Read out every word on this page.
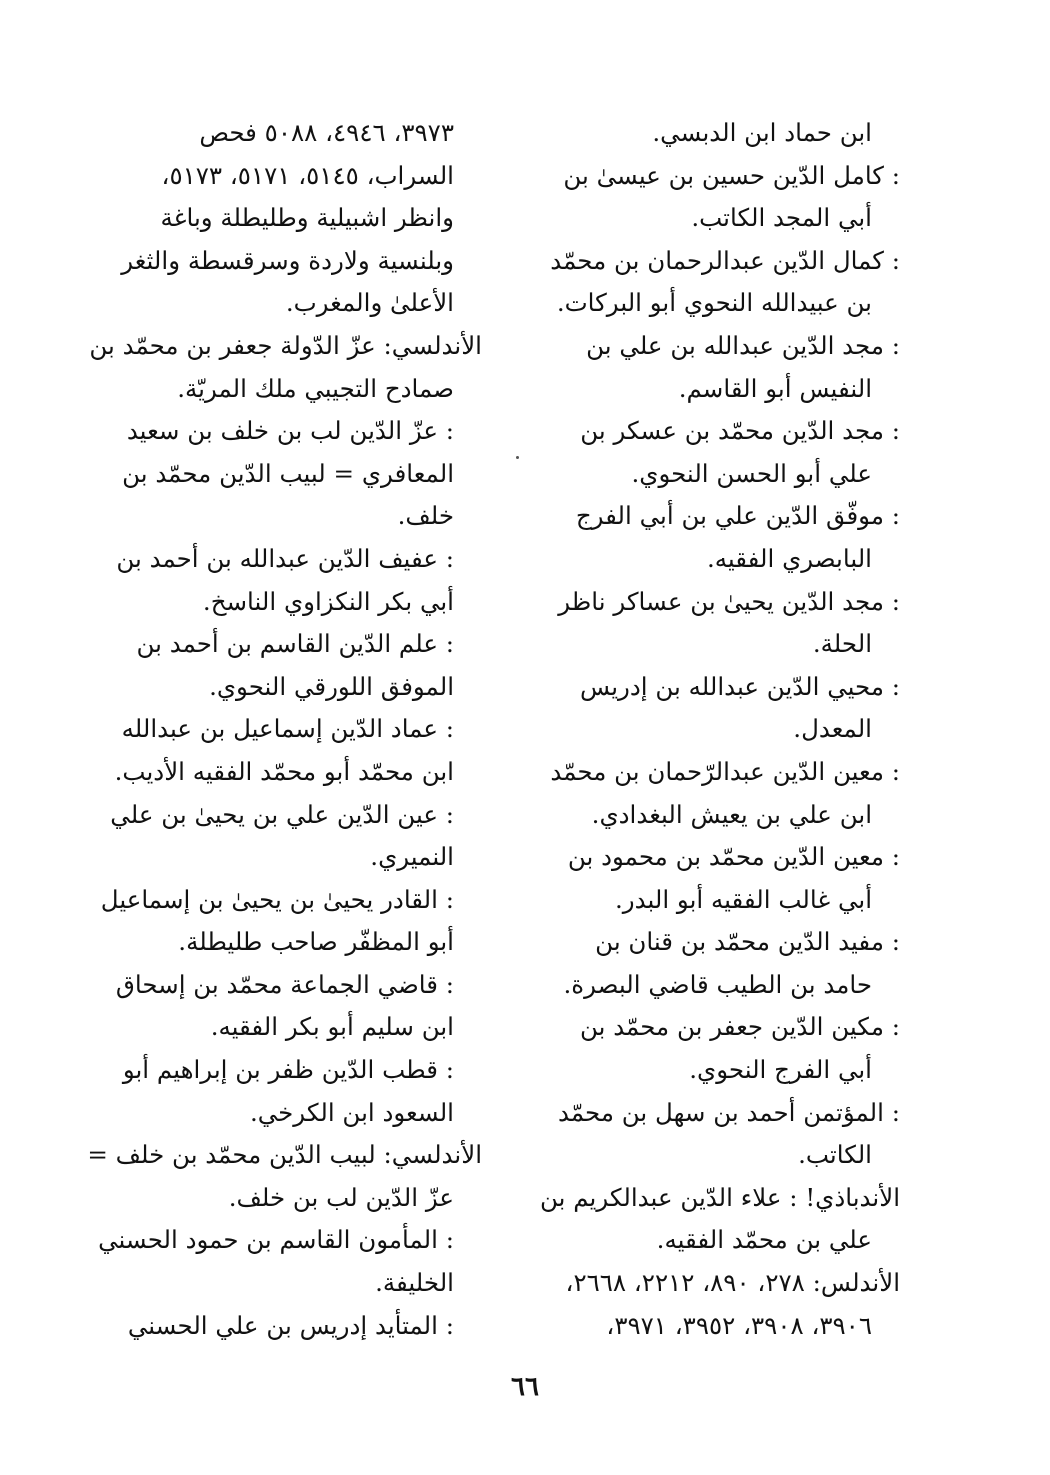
ابن حماد ابن الدبسي.
: كامل الدّين حسين بن عيسىٰ بن
أبي المجد الكاتب.
: كمال الدّين عبدالرحمان بن محمّد
بن عبيدالله النحوي أبو البركات.
: مجد الدّين عبدالله بن علي بن
النفيس أبو القاسم.
: مجد الدّين محمّد بن عسكر بن
علي أبو الحسن النحوي.
: موفّق الدّين علي بن أبي الفرج
البابصري الفقيه.
: مجد الدّين يحيىٰ بن عساكر ناظر
الحلة.
: محيي الدّين عبدالله بن إدريس
المعدل.
: معين الدّين عبدالرّحمان بن محمّد
ابن علي بن يعيش البغدادي.
: معين الدّين محمّد بن محمود بن
أبي غالب الفقيه أبو البدر.
: مفيد الدّين محمّد بن قنان بن
حامد بن الطيب قاضي البصرة.
: مكين الدّين جعفر بن محمّد بن
أبي الفرج النحوي.
: المؤتمن أحمد بن سهل بن محمّد
الكاتب.
الأندباذي! : علاء الدّين عبدالكريم بن
علي بن محمّد الفقيه.
الأندلس: ٢٧٨، ٨٩٠، ٢٢١٢، ٢٦٦٨،
٣٩٠٦، ٣٩٠٨، ٣٩٥٢، ٣٩٧١،
٣٩٧٣، ٤٩٤٦، ٥٠٨٨ فحص
السراب، ٥١٤٥، ٥١٧١، ٥١٧٣،
وانظر اشبيلية وطليطلة وباغة
وبلنسية ولاردة وسرقسطة والثغر
الأعلىٰ والمغرب.
الأندلسي: عزّ الدّولة جعفر بن محمّد بن
صمادح التجيبي ملك المريّة.
: عزّ الدّين لب بن خلف بن سعيد
المعافري = لبيب الدّين محمّد بن
خلف.
: عفيف الدّين عبدالله بن أحمد بن
أبي بكر النكزاوي الناسخ.
: علم الدّين القاسم بن أحمد بن
الموفق اللورقي النحوي.
: عماد الدّين إسماعيل بن عبدالله
ابن محمّد أبو محمّد الفقيه الأديب.
: عين الدّين علي بن يحيىٰ بن علي
النميري.
: القادر يحيىٰ بن يحيىٰ بن إسماعيل
أبو المظفّر صاحب طليطلة.
: قاضي الجماعة محمّد بن إسحاق
ابن سليم أبو بكر الفقيه.
: قطب الدّين ظفر بن إبراهيم أبو
السعود ابن الكرخي.
الأندلسي: لبيب الدّين محمّد بن خلف =
عزّ الدّين لب بن خلف.
: المأمون القاسم بن حمود الحسني
الخليفة.
: المتأيد إدريس بن علي الحسني
٦٦
